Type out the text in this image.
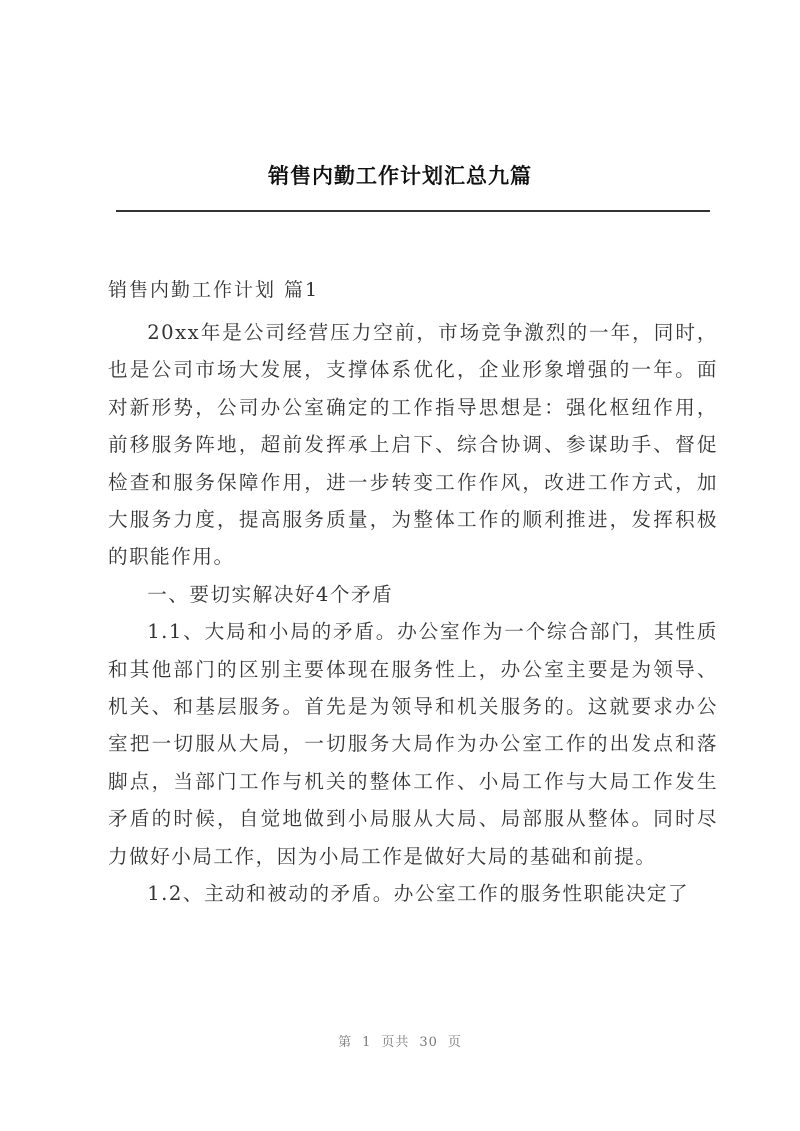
销售内勤工作计划汇总九篇
销售内勤工作计划 篇1

20xx年是公司经营压力空前，市场竞争激烈的一年，同时，也是公司市场大发展，支撑体系优化，企业形象增强的一年。面对新形势，公司办公室确定的工作指导思想是：强化枢纽作用，前移服务阵地，超前发挥承上启下、综合协调、参谋助手、督促检查和服务保障作用，进一步转变工作作风，改进工作方式，加大服务力度，提高服务质量，为整体工作的顺利推进，发挥积极的职能作用。

一、要切实解决好4个矛盾

1.1、大局和小局的矛盾。办公室作为一个综合部门，其性质和其他部门的区别主要体现在服务性上，办公室主要是为领导、机关、和基层服务。首先是为领导和机关服务的。这就要求办公室把一切服从大局，一切服务大局作为办公室工作的出发点和落脚点，当部门工作与机关的整体工作、小局工作与大局工作发生矛盾的时候，自觉地做到小局服从大局、局部服从整体。同时尽力做好小局工作，因为小局工作是做好大局的基础和前提。

1.2、主动和被动的矛盾。办公室工作的服务性职能决定了

第 1 页共 30 页
